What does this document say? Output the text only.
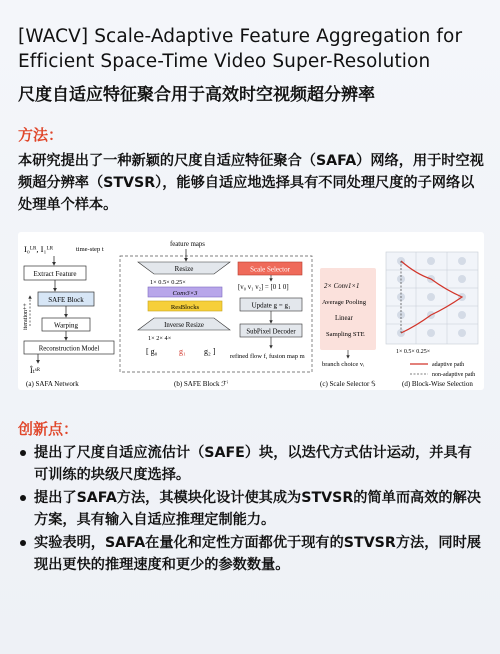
[WACV] Scale-Adaptive Feature Aggregation for Efficient Space-Time Video Super-Resolution
尺度自适应特征聚合用于高效时空视频超分辨率
方法：
本研究提出了一种新颖的尺度自适应特征聚合（SAFA）网络，用于时空视频超分辨率（STVSR），能够自适应地选择具有不同处理尺度的子网络以处理单个样本。
I₀ᴸᴿ, I₁ᴸᴿ	time-step t
Extract Feature
SAFE Block
Warping
Reconstruction Model
iteration++
Îₜˢᴿ
(a) SAFA Network
feature maps
Resize
1× 0.5× 0.25×
Conv3×3
ResBlocks
Inverse Resize
1× 2× 4×
[ g₀	g₁ g₂ ]
Scale Selector
[v₀ v₁ v₂] = [0 1 0]
Update g = g₁
SubPixel Decoder
refined flow f, fusion map m
(b) SAFE Block ℱⁱ
2× Conv1×1
Average Pooling
Linear
Sampling STE
branch choice vᵢ
(c) Scale Selector 𝕊
1× 0.5× 0.25×
adaptive path
non-adaptive path
(d) Block-Wise Selection
创新点：
提出了尺度自适应流估计（SAFE）块，以迭代方式估计运动，并具有可训练的块级尺度选择。
提出了SAFA方法，其模块化设计使其成为STVSR的简单而高效的解决方案，具有输入自适应推理定制能力。
实验表明，SAFA在量化和定性方面都优于现有的STVSR方法，同时展现出更快的推理速度和更少的参数数量。
